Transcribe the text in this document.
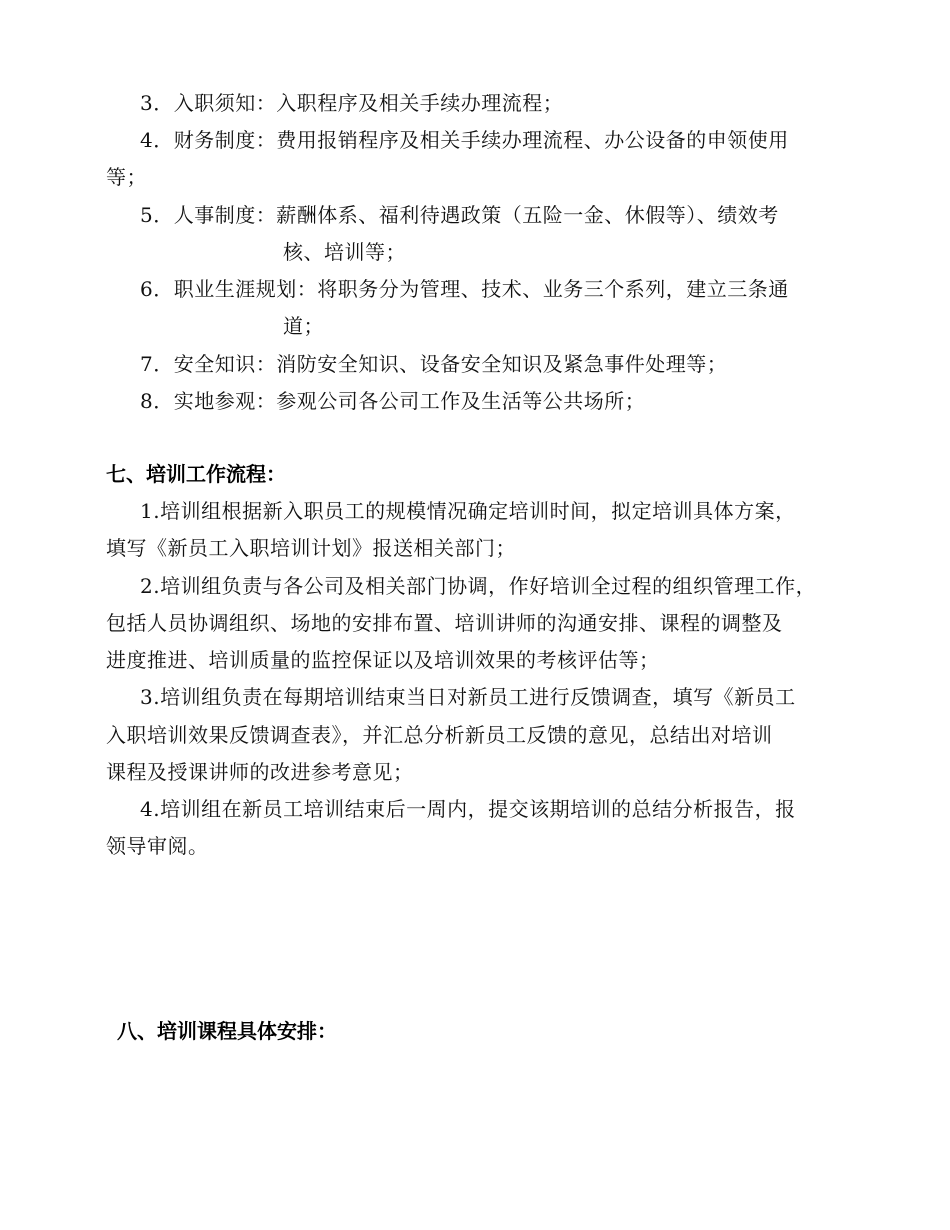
3．入职须知：入职程序及相关手续办理流程；
4．财务制度：费用报销程序及相关手续办理流程、办公设备的申领使用
等；
5．人事制度：薪酬体系、福利待遇政策（五险一金、休假等）、绩效考
核、培训等；
6．职业生涯规划：将职务分为管理、技术、业务三个系列，建立三条通
道；
7．安全知识：消防安全知识、设备安全知识及紧急事件处理等；
8．实地参观：参观公司各公司工作及生活等公共场所；
七、培训工作流程：
1.培训组根据新入职员工的规模情况确定培训时间，拟定培训具体方案，
填写《新员工入职培训计划》报送相关部门；
2.培训组负责与各公司及相关部门协调，作好培训全过程的组织管理工作，
包括人员协调组织、场地的安排布置、培训讲师的沟通安排、课程的调整及
进度推进、培训质量的监控保证以及培训效果的考核评估等；
3.培训组负责在每期培训结束当日对新员工进行反馈调查，填写《新员工
入职培训效果反馈调查表》，并汇总分析新员工反馈的意见，总结出对培训
课程及授课讲师的改进参考意见；
4.培训组在新员工培训结束后一周内，提交该期培训的总结分析报告，报
领导审阅。
八、培训课程具体安排：
